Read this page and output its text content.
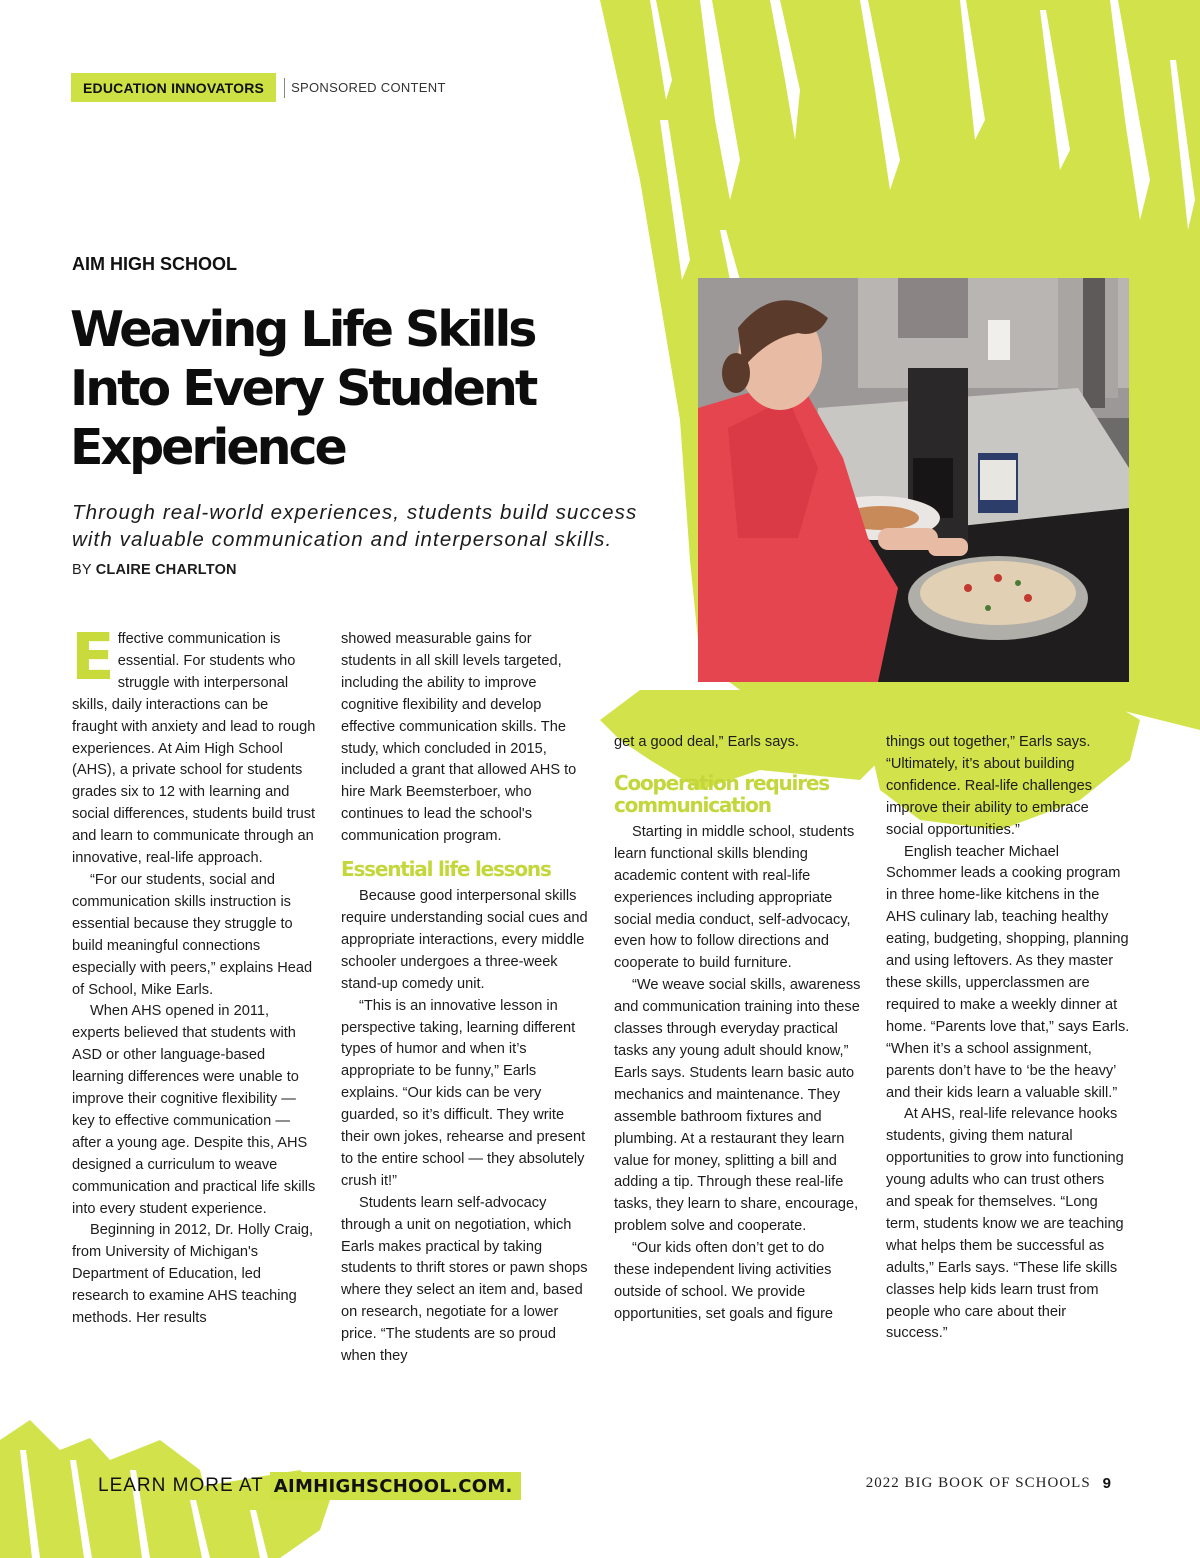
EDUCATION INNOVATORS	SPONSORED CONTENT
AIM HIGH SCHOOL
Weaving Life Skills
Into Every Student
Experience
Through real-world experiences, students build success
with valuable communication and interpersonal skills.
BY CLAIRE CHARLTON

Effective communication is essential. For students who struggle with interpersonal skills, daily interactions can be fraught with anxiety and lead to rough experiences. At Aim High School (AHS), a private school for students grades six to 12 with learning and social differences, students build trust and learn to communicate through an innovative, real-life approach.

“For our students, social and communication skills instruction is essential because they struggle to build meaningful connections especially with peers,” explains Head of School, Mike Earls.

When AHS opened in 2011, experts believed that students with ASD or other language-based learning differences were unable to improve their cognitive flexibility — key to effective communication — after a young age. Despite this, AHS designed a curriculum to weave communication and practical life skills into every student experience.

Beginning in 2012, Dr. Holly Craig, from University of Michigan's Department of Education, led research to examine AHS teaching methods. Her results

showed measurable gains for students in all skill levels targeted, including the ability to improve cognitive flexibility and develop effective communication skills. The study, which concluded in 2015, included a grant that allowed AHS to hire Mark Beemsterboer, who continues to lead the school's communication program.

Essential life lessons

Because good interpersonal skills require understanding social cues and appropriate interactions, every middle schooler undergoes a three-week stand-up comedy unit.

“This is an innovative lesson in perspective taking, learning different types of humor and when it’s appropriate to be funny,” Earls explains. “Our kids can be very guarded, so it’s difficult. They write their own jokes, rehearse and present to the entire school — they absolutely crush it!”

Students learn self-advocacy through a unit on negotiation, which Earls makes practical by taking students to thrift stores or pawn shops where they select an item and, based on research, negotiate for a lower price. “The students are so proud when they

get a good deal,” Earls says.

Cooperation requires communication

Starting in middle school, students learn functional skills blending academic content with real-life experiences including appropriate social media conduct, self-advocacy, even how to follow directions and cooperate to build furniture.

“We weave social skills, awareness and communication training into these classes through everyday practical tasks any young adult should know,” Earls says. Students learn basic auto mechanics and maintenance. They assemble bathroom fixtures and plumbing. At a restaurant they learn value for money, splitting a bill and adding a tip. Through these real-life tasks, they learn to share, encourage, problem solve and cooperate.

“Our kids often don’t get to do these independent living activities outside of school. We provide opportunities, set goals and figure

things out together,” Earls says. “Ultimately, it’s about building confidence. Real-life challenges improve their ability to embrace social opportunities.”

English teacher Michael Schommer leads a cooking program in three home-like kitchens in the AHS culinary lab, teaching healthy eating, budgeting, shopping, planning and using leftovers. As they master these skills, upperclassmen are required to make a weekly dinner at home. “Parents love that,” says Earls. “When it’s a school assignment, parents don’t have to ‘be the heavy’ and their kids learn a valuable skill.”

At AHS, real-life relevance hooks students, giving them natural opportunities to grow into functioning young adults who can trust others and speak for themselves. “Long term, students know we are teaching what helps them be successful as adults,” Earls says. “These life skills classes help kids learn trust from people who care about their success.”

LEARN MORE AT AIMHIGHSCHOOL.COM.	2022 BIG BOOK OF SCHOOLS 9
